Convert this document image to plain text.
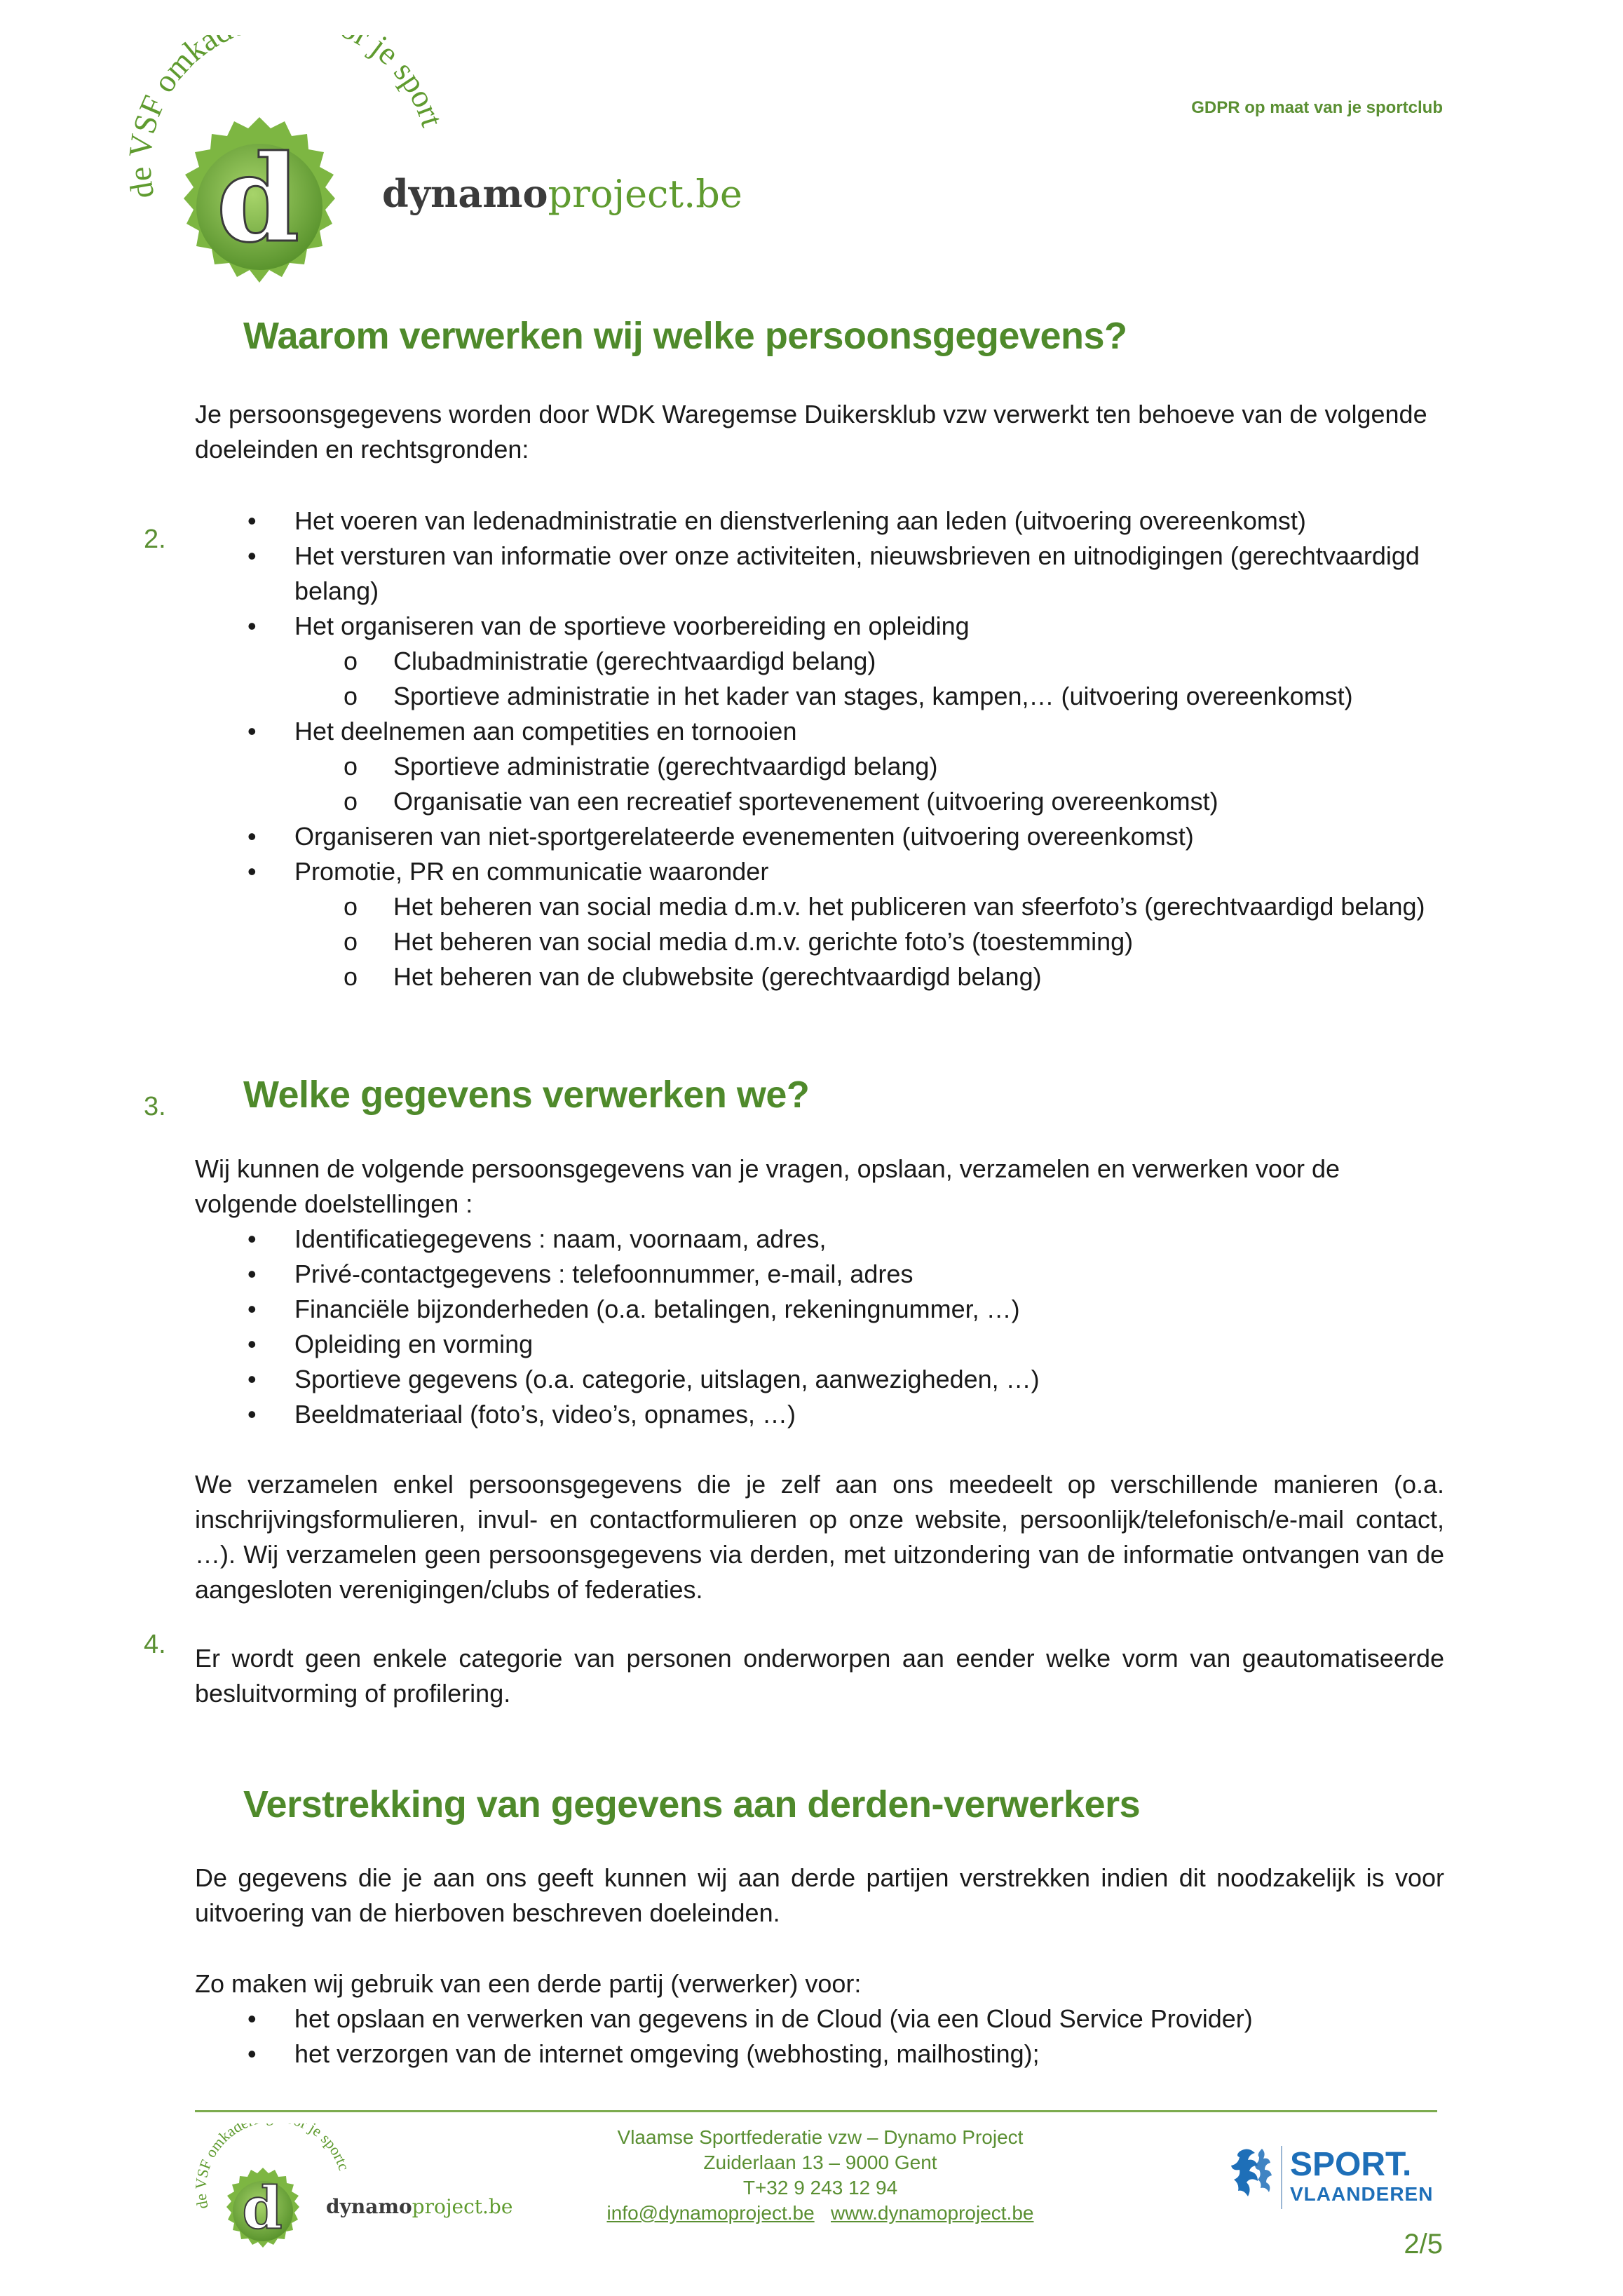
de VSF omka je sport
d dynamoproject.be
GDPR op maat van je sportclub
2.
3.
4.
Waarom verwerken wij welke persoonsgegevens?

Je persoonsgegevens worden door WDK Waregemse Duikersklub vzw verwerkt ten behoeve van de volgende doeleinden en rechtsgronden:

• Het voeren van ledenadministratie en dienstverlening aan leden (uitvoering overeenkomst)
• Het versturen van informatie over onze activiteiten, nieuwsbrieven en uitnodigingen (gerechtvaardigd belang)
• Het organiseren van de sportieve voorbereiding en opleiding
o Clubadministratie (gerechtvaardigd belang)
o Sportieve administratie in het kader van stages, kampen,… (uitvoering overeenkomst)
• Het deelnemen aan competities en tornooien
o Sportieve administratie (gerechtvaardigd belang)
o Organisatie van een recreatief sportevenement (uitvoering overeenkomst)
• Organiseren van niet-sportgerelateerde evenementen (uitvoering overeenkomst)
• Promotie, PR en communicatie waaronder
o Het beheren van social media d.m.v. het publiceren van sfeerfoto’s (gerechtvaardigd belang)
o Het beheren van social media d.m.v. gerichte foto’s (toestemming)
o Het beheren van de clubwebsite (gerechtvaardigd belang)
Welke gegevens verwerken we?

Wij kunnen de volgende persoonsgegevens van je vragen, opslaan, verzamelen en verwerken voor de volgende doelstellingen :

• Identificatiegegevens : naam, voornaam, adres,
• Privé-contactgegevens : telefoonnummer, e-mail, adres
• Financiële bijzonderheden (o.a. betalingen, rekeningnummer, …)
• Opleiding en vorming
• Sportieve gegevens (o.a. categorie, uitslagen, aanwezigheden, …)
• Beeldmateriaal (foto’s, video’s, opnames, …)

We verzamelen enkel persoonsgegevens die je zelf aan ons meedeelt op verschillende manieren (o.a. inschrijvingsformulieren, invul- en contactformulieren op onze website, persoonlijk/telefonisch/e-mail contact, …). Wij verzamelen geen persoonsgegevens via derden, met uitzondering van de informatie ontvangen van de aangesloten verenigingen/clubs of federaties.

Er wordt geen enkele categorie van personen onderworpen aan eender welke vorm van geautomatiseerde besluitvorming of profilering.

Verstrekking van gegevens aan derden-verwerkers

De gegevens die je aan ons geeft kunnen wij aan derde partijen verstrekken indien dit noodzakelijk is voor uitvoering van de hierboven beschreven doeleinden.

Zo maken wij gebruik van een derde partij (verwerker) voor:

• het opslaan en verwerken van gegevens in de Cloud (via een Cloud Service Provider)
• het verzorgen van de internet omgeving (webhosting, mailhosting);
de VSF omkad je sportc
d dynamoproject.be
Vlaamse Sportfederatie vzw – Dynamo Project
Zuiderlaan 13 – 9000 Gent
T+32 9 243 12 94
info@dynamoproject.be www.dynamoproject.be
SPORT.
VLAANDEREN
2/5
